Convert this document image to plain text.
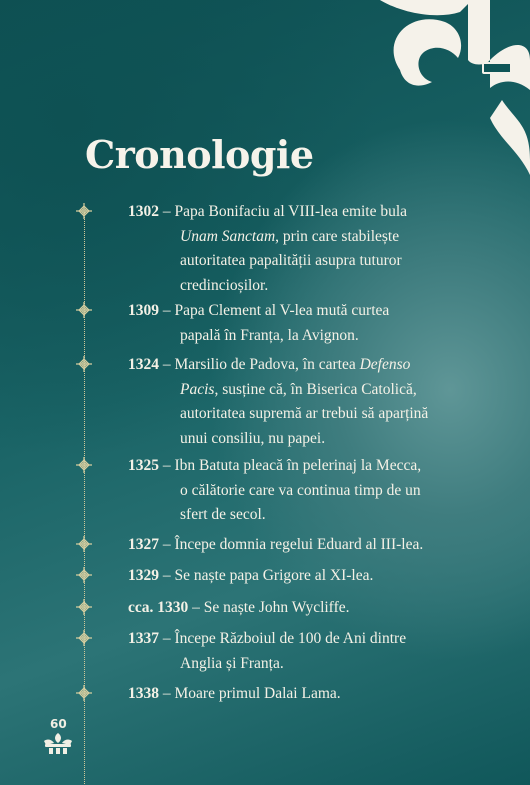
Cronologie
1302 – Papa Bonifaciu al VIII-lea emite bula
Unam Sanctam, prin care stabilește
autoritatea papalității asupra tuturor
credincioșilor.
1309 – Papa Clement al V-lea mută curtea
papală în Franța, la Avignon.
1324 – Marsilio de Padova, în cartea Defenso
Pacis, susține că, în Biserica Catolică,
autoritatea supremă ar trebui să aparțină
unui consiliu, nu papei.
1325 – Ibn Batuta pleacă în pelerinaj la Mecca,
o călătorie care va continua timp de un
sfert de secol.
1327 – Începe domnia regelui Eduard al III-lea.
1329 – Se naște papa Grigore al XI-lea.
cca. 1330 – Se naște John Wycliffe.
1337 – Începe Războiul de 100 de Ani dintre
Anglia și Franța.
1338 – Moare primul Dalai Lama.
60
